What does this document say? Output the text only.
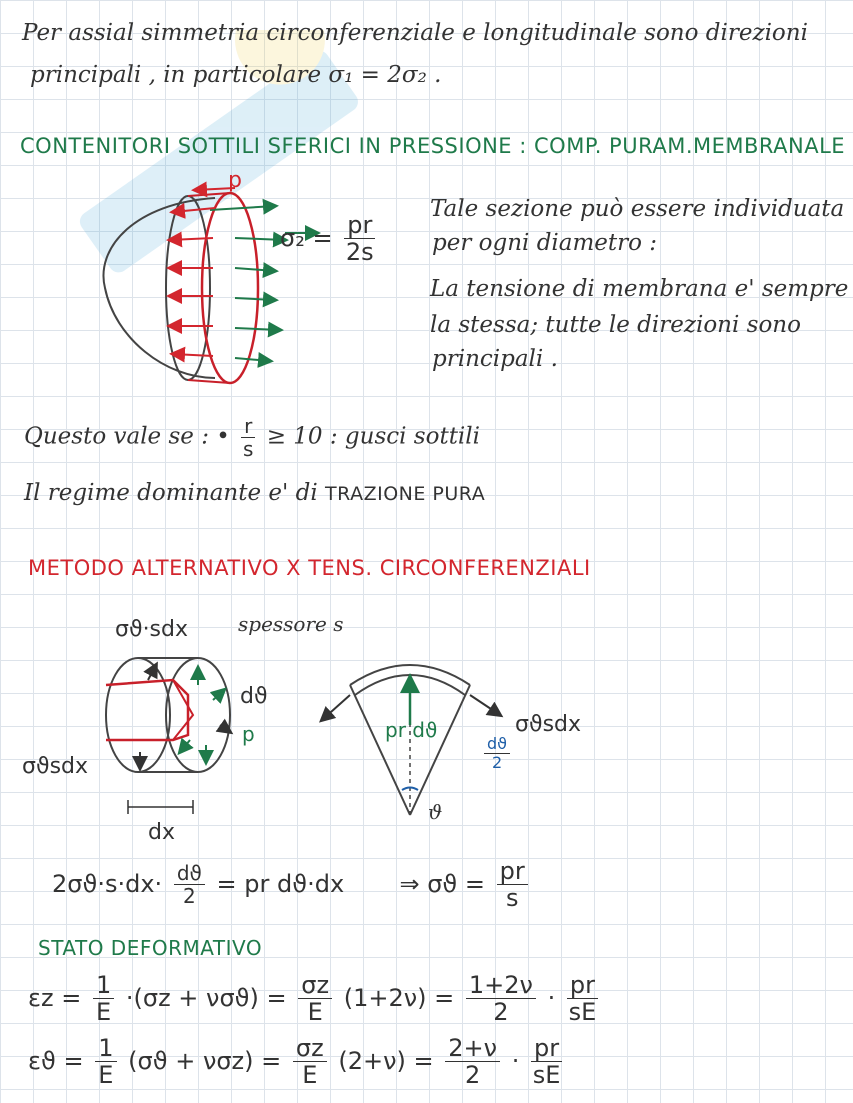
Per assial simmetria circonferenziale e longitudinale sono direzioni
principali , in particolare σ₁ = 2σ₂ .
CONTENITORI SOTTILI SFERICI IN PRESSIONE : COMP. PURAM.MEMBRANALE
p
$\sigma_2 = \frac{pr}{2s}$
Tale sezione può essere individuata
per ogni diametro :
La tensione di membrana e' sempre
la stessa; tutte le direzioni sono
principali .
Questo vale se : • $\frac{r}{s} \ge 10$ : gusci sottili
Il regime dominante e' di TRAZIONE PURA
METODO ALTERNATIVO X TENS. CIRCONFERENZIALI
σϑ·sdx spessore s
dϑ
p
σϑsdx
dx
pr dϑ	σϑsdx
$\frac{dϑ}{2}$
ϑ
$2\sigma ϑ\cdot s\cdot dx\cdot \frac{dϑ}{2}$ = pr dϑ·dx ⇒ $\sigma ϑ = \frac{pr}{s}$
STATO DEFORMATIVO
$\varepsilon z = \frac{1}{E} \cdot(\sigma z + \nu\sigma ϑ) = \frac{\sigma z}{E} (1+2\nu) = \frac{1+2\nu}{2} \cdot \frac{pr}{sE}$
$\varepsilon ϑ = \frac{1}{E} (\sigma ϑ + \nu\sigma z) = \frac{\sigma z}{E} (2+\nu) = \frac{2+\nu}{2} \cdot \frac{pr}{sE}$
